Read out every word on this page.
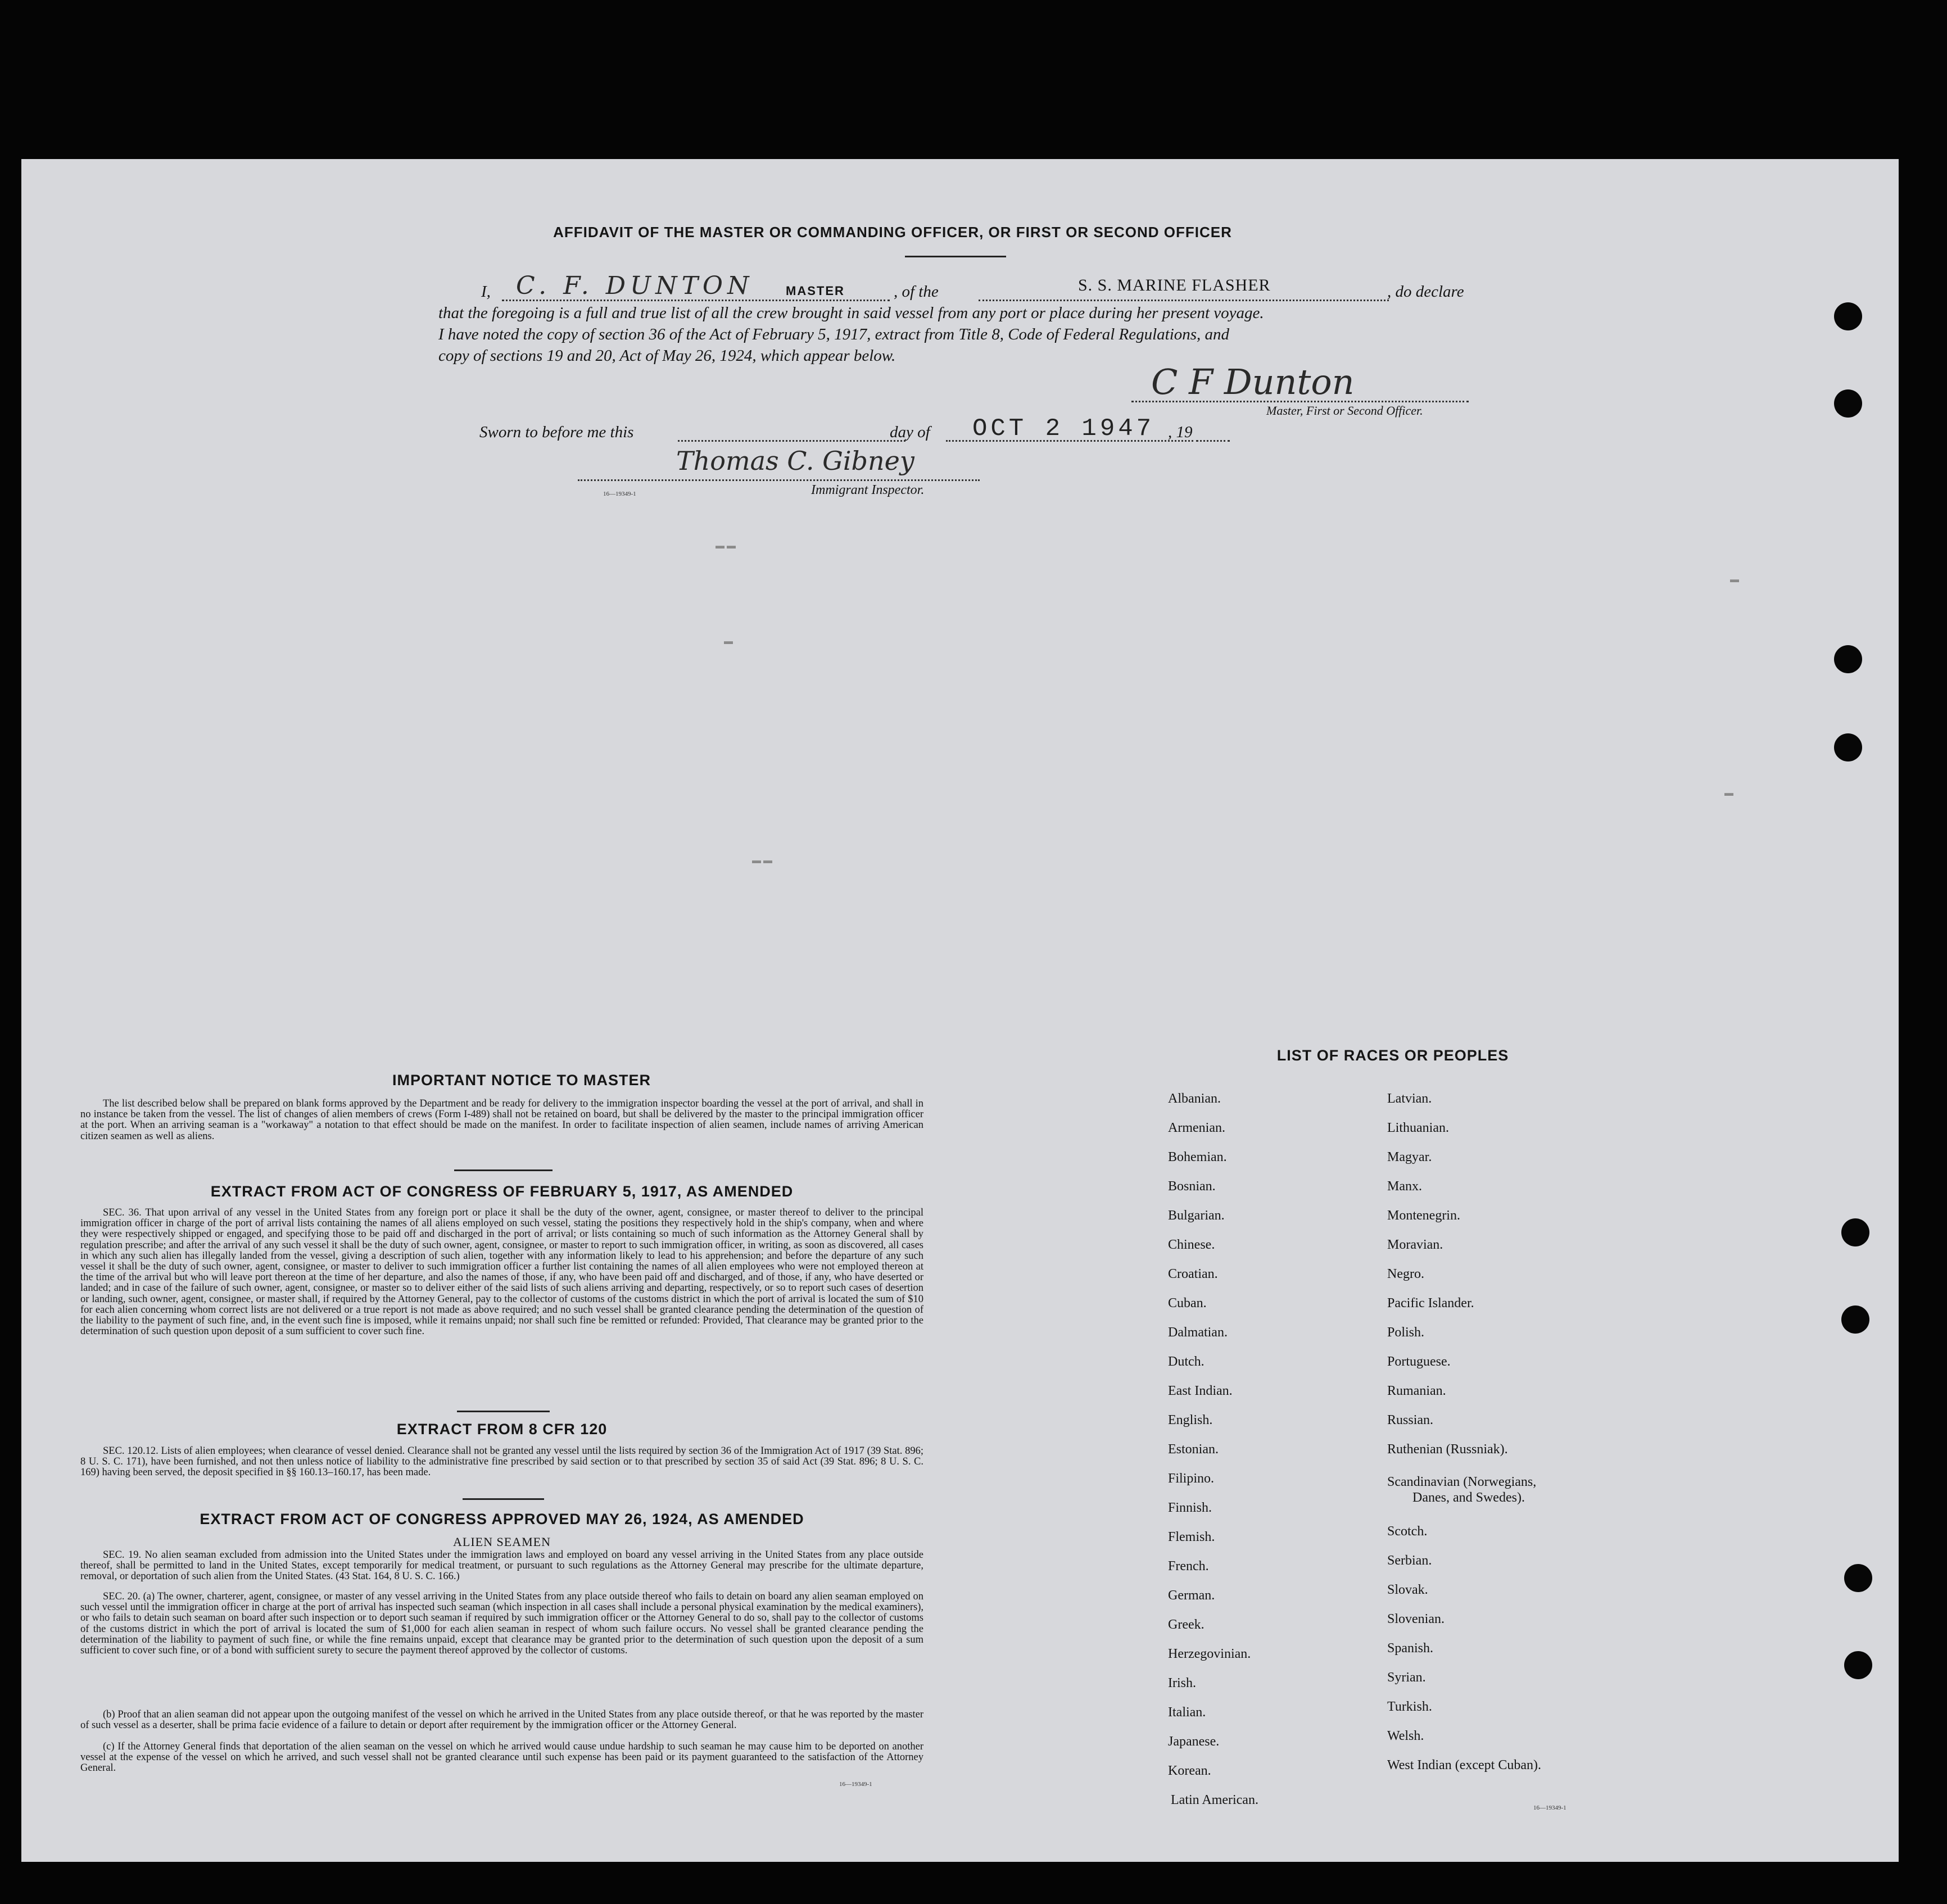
AFFIDAVIT OF THE MASTER OR COMMANDING OFFICER, OR FIRST OR SECOND OFFICER
I, C. F. DUNTON	MASTER	, of the	S. S. MARINE FLASHER	, do declare
that the foregoing is a full and true list of all the crew brought in said vessel from any port or place during her present voyage.
I have noted the copy of section 36 of the Act of February 5, 1917, extract from Title 8, Code of Federal Regulations, and
copy of sections 19 and 20, Act of May 26, 1924, which appear below.
C F Dunton
Master, First or Second Officer.
Sworn to before me this	day of OCT 2 1947 , 19
Thomas C. Gibney
16—19349-1	Immigrant Inspector.
▬ ▬
▬
▬ ▬
▬
▬
IMPORTANT NOTICE TO MASTER
The list described below shall be prepared on blank forms approved by the Department and be ready for delivery to the immigration inspector boarding the vessel at the port of arrival, and shall in no instance be taken from the vessel. The list of changes of alien members of crews (Form I-489) shall not be retained on board, but shall be delivered by the master to the principal immigration officer at the port. When an arriving seaman is a "workaway" a notation to that effect should be made on the manifest. In order to facilitate inspection of alien seamen, include names of arriving American citizen seamen as well as aliens.
EXTRACT FROM ACT OF CONGRESS OF FEBRUARY 5, 1917, AS AMENDED
SEC. 36. That upon arrival of any vessel in the United States from any foreign port or place it shall be the duty of the owner, agent, consignee, or master thereof to deliver to the principal immigration officer in charge of the port of arrival lists containing the names of all aliens employed on such vessel, stating the positions they respectively hold in the ship's company, when and where they were respectively shipped or engaged, and specifying those to be paid off and discharged in the port of arrival; or lists containing so much of such information as the Attorney General shall by regulation prescribe; and after the arrival of any such vessel it shall be the duty of such owner, agent, consignee, or master to report to such immigration officer, in writing, as soon as discovered, all cases in which any such alien has illegally landed from the vessel, giving a description of such alien, together with any information likely to lead to his apprehension; and before the departure of any such vessel it shall be the duty of such owner, agent, consignee, or master to deliver to such immigration officer a further list containing the names of all alien employees who were not employed thereon at the time of the arrival but who will leave port thereon at the time of her departure, and also the names of those, if any, who have been paid off and discharged, and of those, if any, who have deserted or landed; and in case of the failure of such owner, agent, consignee, or master so to deliver either of the said lists of such aliens arriving and departing, respectively, or so to report such cases of desertion or landing, such owner, agent, consignee, or master shall, if required by the Attorney General, pay to the collector of customs of the customs district in which the port of arrival is located the sum of $10 for each alien concerning whom correct lists are not delivered or a true report is not made as above required; and no such vessel shall be granted clearance pending the determination of the question of the liability to the payment of such fine, and, in the event such fine is imposed, while it remains unpaid; nor shall such fine be remitted or refunded: Provided, That clearance may be granted prior to the determination of such question upon deposit of a sum sufficient to cover such fine.
EXTRACT FROM 8 CFR 120
SEC. 120.12. Lists of alien employees; when clearance of vessel denied. Clearance shall not be granted any vessel until the lists required by section 36 of the Immigration Act of 1917 (39 Stat. 896; 8 U. S. C. 171), have been furnished, and not then unless notice of liability to the administrative fine prescribed by said section or to that prescribed by section 35 of said Act (39 Stat. 896; 8 U. S. C. 169) having been served, the deposit specified in §§ 160.13–160.17, has been made.
EXTRACT FROM ACT OF CONGRESS APPROVED MAY 26, 1924, AS AMENDED
ALIEN SEAMEN
SEC. 19. No alien seaman excluded from admission into the United States under the immigration laws and employed on board any vessel arriving in the United States from any place outside thereof, shall be permitted to land in the United States, except temporarily for medical treatment, or pursuant to such regulations as the Attorney General may prescribe for the ultimate departure, removal, or deportation of such alien from the United States. (43 Stat. 164, 8 U. S. C. 166.)
SEC. 20. (a) The owner, charterer, agent, consignee, or master of any vessel arriving in the United States from any place outside thereof who fails to detain on board any alien seaman employed on such vessel until the immigration officer in charge at the port of arrival has inspected such seaman (which inspection in all cases shall include a personal physical examination by the medical examiners), or who fails to detain such seaman on board after such inspection or to deport such seaman if required by such immigration officer or the Attorney General to do so, shall pay to the collector of customs of the customs district in which the port of arrival is located the sum of $1,000 for each alien seaman in respect of whom such failure occurs. No vessel shall be granted clearance pending the determination of the liability to payment of such fine, or while the fine remains unpaid, except that clearance may be granted prior to the determination of such question upon the deposit of a sum sufficient to cover such fine, or of a bond with sufficient surety to secure the payment thereof approved by the collector of customs.
(b) Proof that an alien seaman did not appear upon the outgoing manifest of the vessel on which he arrived in the United States from any place outside thereof, or that he was reported by the master of such vessel as a deserter, shall be prima facie evidence of a failure to detain or deport after requirement by the immigration officer or the Attorney General.
(c) If the Attorney General finds that deportation of the alien seaman on the vessel on which he arrived would cause undue hardship to such seaman he may cause him to be deported on another vessel at the expense of the vessel on which he arrived, and such vessel shall not be granted clearance until such expense has been paid or its payment guaranteed to the satisfaction of the Attorney General.
16—19349-1
LIST OF RACES OR PEOPLES
Albanian.
Armenian.
Bohemian.
Bosnian.
Bulgarian.
Chinese.
Croatian.
Cuban.
Dalmatian.
Dutch.
East Indian.
English.
Estonian.
Filipino.
Finnish.
Flemish.
French.
German.
Greek.
Herzegovinian.
Irish.
Italian.
Japanese.
Korean.
Latin American.
Latvian.
Lithuanian.
Magyar.
Manx.
Montenegrin.
Moravian.
Negro.
Pacific Islander.
Polish.
Portuguese.
Rumanian.
Russian.
Ruthenian (Russniak).
Scandinavian (Norwegians,
Danes, and Swedes).
Scotch.
Serbian.
Slovak.
Slovenian.
Spanish.
Syrian.
Turkish.
Welsh.
West Indian (except Cuban).
16—19349-1
